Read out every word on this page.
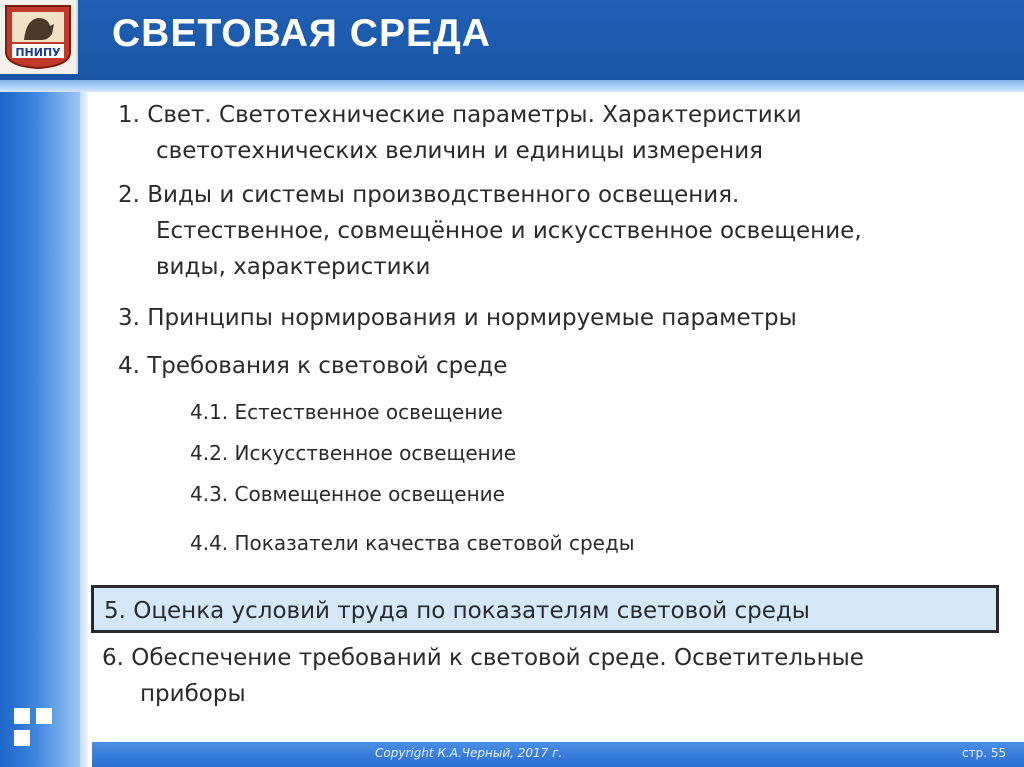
ПНИПУ СВЕТОВАЯ СРЕДА

1. Свет. Светотехнические параметры. Характеристики
светотехнических величин и единицы измерения

2. Виды и системы производственного освещения.
Естественное, совмещённое и искусственное освещение,
виды, характеристики

3. Принципы нормирования и нормируемые параметры

4. Требования к световой среде

4.1. Естественное освещение

4.2. Искусственное освещение

4.3. Совмещенное освещение

4.4. Показатели качества световой среды

5. Оценка условий труда по показателям световой среды

6. Обеспечение требований к световой среде. Осветительные
приборы

Copyright К.А.Черный, 2017 г.	стр. 55
